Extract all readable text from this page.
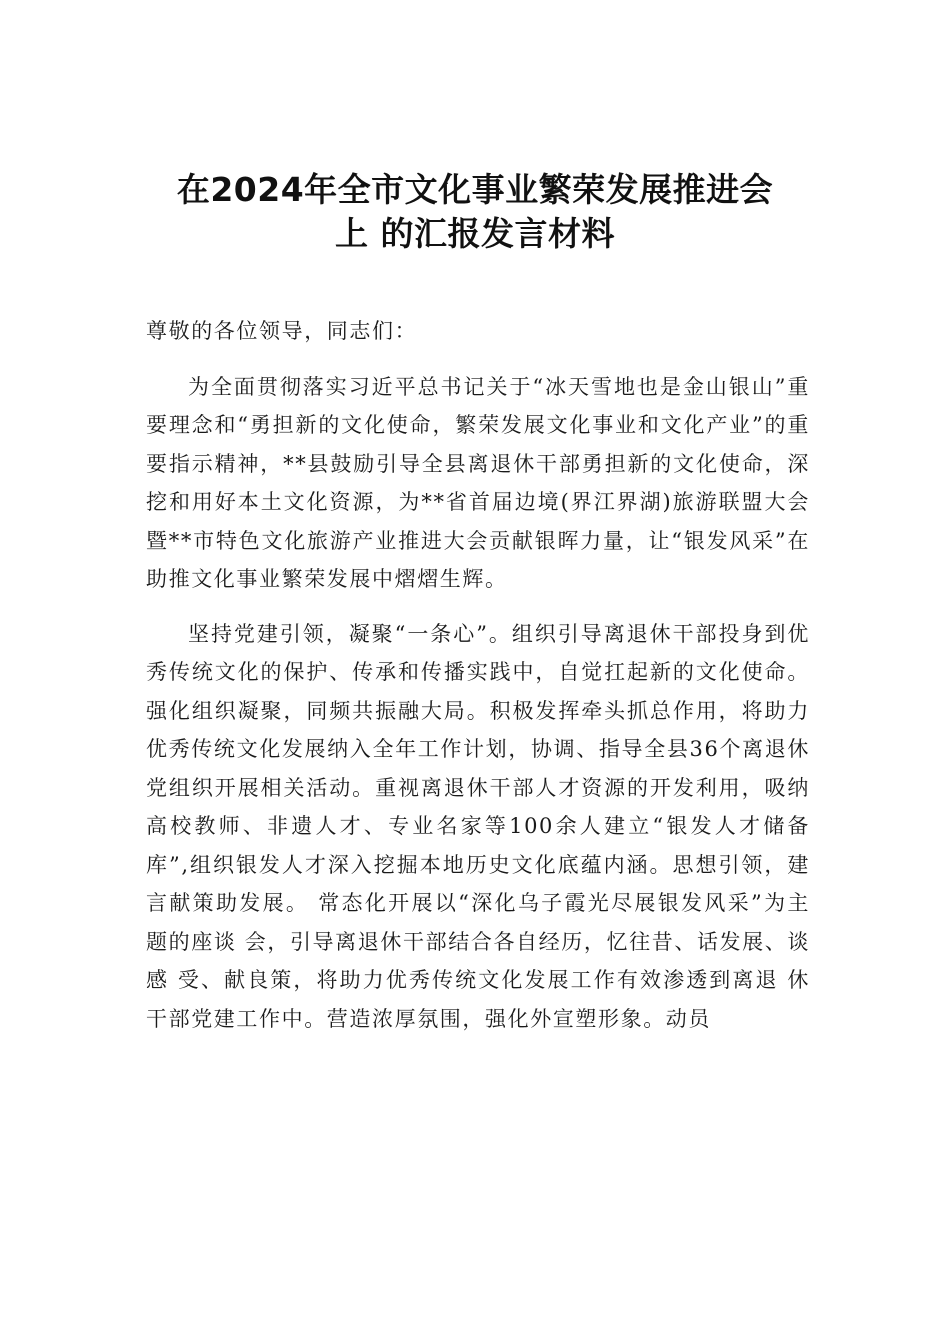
在2024年全市文化事业繁荣发展推进会
上 的汇报发言材料

尊敬的各位领导，同志们：

为全面贯彻落实习近平总书记关于“冰天雪地也是金山银山”重要理念和“勇担新的文化使命，繁荣发展文化事业和文化产业”的重要指示精神，**县鼓励引导全县离退休干部勇担新的文化使命，深挖和用好本土文化资源，为**省首届边境(界江界湖)旅游联盟大会暨**市特色文化旅游产业推进大会贡献银晖力量，让“银发风采”在助推文化事业繁荣发展中熠熠生辉。

坚持党建引领，凝聚“一条心”。组织引导离退休干部投身到优秀传统文化的保护、传承和传播实践中，自觉扛起新的文化使命。强化组织凝聚，同频共振融大局。积极发挥牵头抓总作用，将助力优秀传统文化发展纳入全年工作计划，协调、指导全县36个离退休党组织开展相关活动。重视离退休干部人才资源的开发利用，吸纳高校教师、非遗人才、专业名家等100余人建立“银发人才储备库”,组织银发人才深入挖掘本地历史文化底蕴内涵。思想引领，建言献策助发展。 常态化开展以“深化乌子霞光尽展银发风采”为主题的座谈 会，引导离退休干部结合各自经历，忆往昔、话发展、谈感 受、献良策，将助力优秀传统文化发展工作有效渗透到离退 休干部党建工作中。营造浓厚氛围，强化外宣塑形象。动员
